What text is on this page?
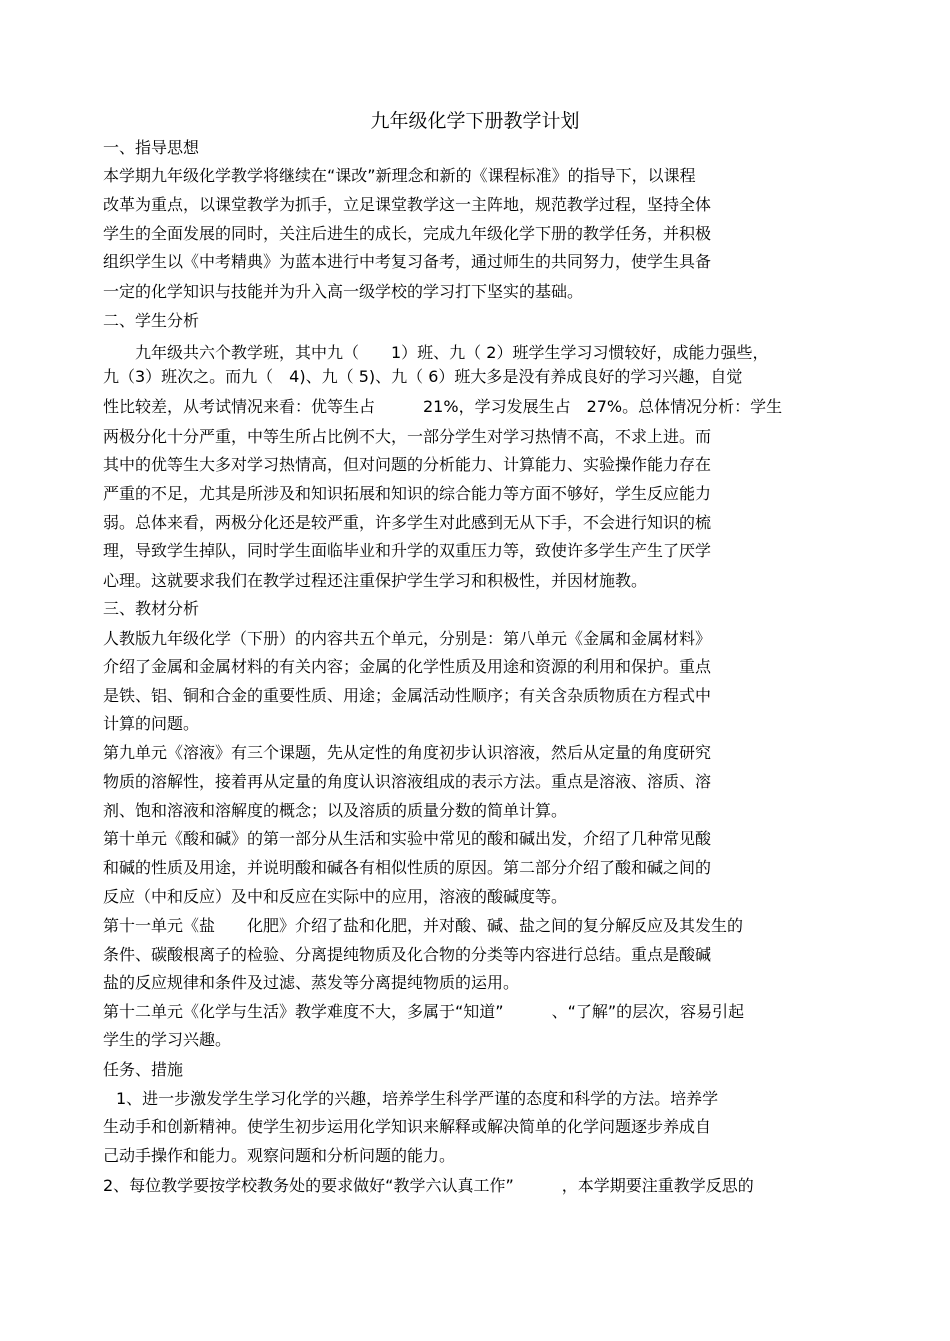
九年级化学下册教学计划
一、指导思想
本学期九年级化学教学将继续在“课改”新理念和新的《课程标准》的指导下，以课程
改革为重点，以课堂教学为抓手，立足课堂教学这一主阵地，规范教学过程，坚持全体
学生的全面发展的同时，关注后进生的成长，完成九年级化学下册的教学任务，并积极
组织学生以《中考精典》为蓝本进行中考复习备考，通过师生的共同努力，使学生具备
一定的化学知识与技能并为升入高一级学校的学习打下坚实的基础。
二、学生分析
　　九年级共六个教学班，其中九（　　1）班、九（ 2）班学生学习习惯较好，成能力强些，
九（3）班次之。而九（　4)、九（ 5)、九（ 6）班大多是没有养成良好的学习兴趣，自觉
性比较差，从考试情况来看：优等生占　　　21%，学习发展生占　27%。总体情况分析：学生
两极分化十分严重，中等生所占比例不大，一部分学生对学习热情不高，不求上进。而
其中的优等生大多对学习热情高，但对问题的分析能力、计算能力、实验操作能力存在
严重的不足，尤其是所涉及和知识拓展和知识的综合能力等方面不够好，学生反应能力
弱。总体来看，两极分化还是较严重，许多学生对此感到无从下手，不会进行知识的梳
理，导致学生掉队，同时学生面临毕业和升学的双重压力等，致使许多学生产生了厌学
心理。这就要求我们在教学过程还注重保护学生学习和积极性，并因材施教。
三、教材分析
人教版九年级化学（下册）的内容共五个单元，分别是：第八单元《金属和金属材料》
介绍了金属和金属材料的有关内容；金属的化学性质及用途和资源的利用和保护。重点
是铁、铝、铜和合金的重要性质、用途；金属活动性顺序；有关含杂质物质在方程式中
计算的问题。
第九单元《溶液》有三个课题，先从定性的角度初步认识溶液，然后从定量的角度研究
物质的溶解性，接着再从定量的角度认识溶液组成的表示方法。重点是溶液、溶质、溶
剂、饱和溶液和溶解度的概念；以及溶质的质量分数的简单计算。
第十单元《酸和碱》的第一部分从生活和实验中常见的酸和碱出发，介绍了几种常见酸
和碱的性质及用途，并说明酸和碱各有相似性质的原因。第二部分介绍了酸和碱之间的
反应（中和反应）及中和反应在实际中的应用，溶液的酸碱度等。
第十一单元《盐　　化肥》介绍了盐和化肥，并对酸、碱、盐之间的复分解反应及其发生的
条件、碳酸根离子的检验、分离提纯物质及化合物的分类等内容进行总结。重点是酸碱
盐的反应规律和条件及过滤、蒸发等分离提纯物质的运用。
第十二单元《化学与生活》教学难度不大，多属于“知道”　　　、“了解”的层次，容易引起
学生的学习兴趣。
任务、措施
1、进一步激发学生学习化学的兴趣，培养学生科学严谨的态度和科学的方法。培养学
生动手和创新精神。使学生初步运用化学知识来解释或解决简单的化学问题逐步养成自
己动手操作和能力。观察问题和分析问题的能力。
2、每位教学要按学校教务处的要求做好“教学六认真工作”　　　，本学期要注重教学反思的
